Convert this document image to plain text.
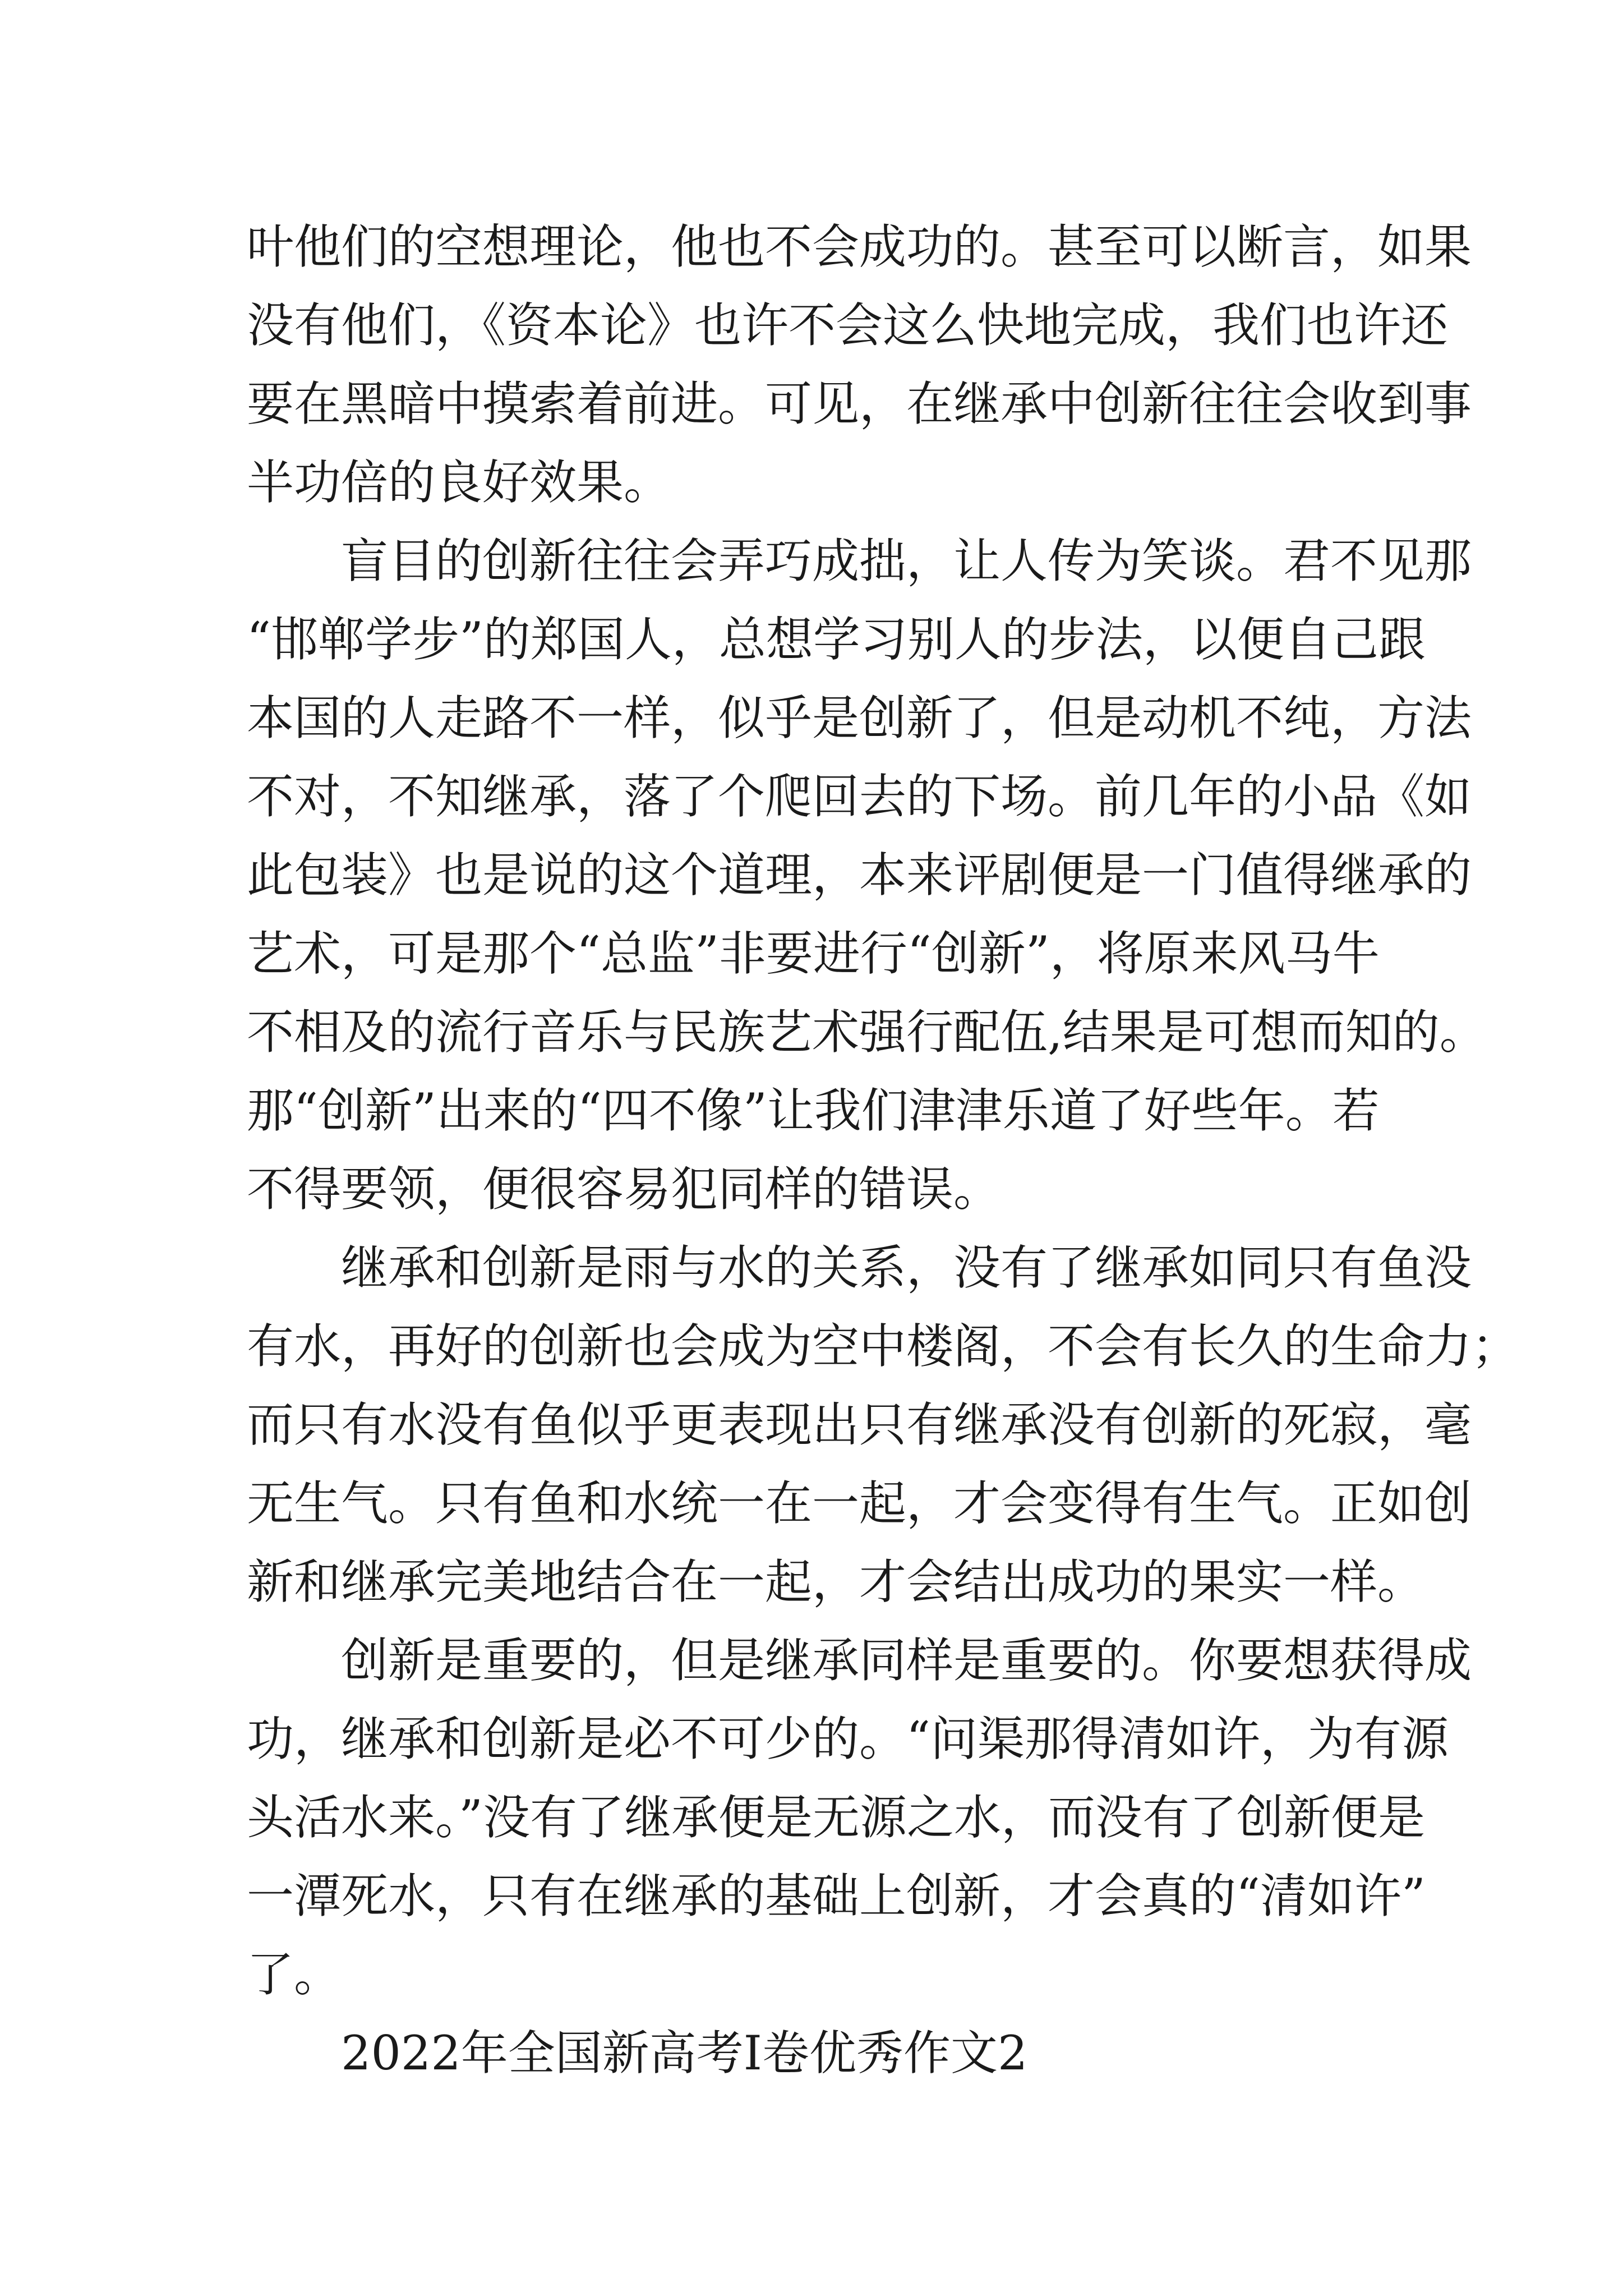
叶他们的空想理论，他也不会成功的。甚至可以断言，如果
没有他们，《资本论》也许不会这么快地完成，我们也许还
要在黑暗中摸索着前进。可见，在继承中创新往往会收到事
半功倍的良好效果。
盲目的创新往往会弄巧成拙，让人传为笑谈。君不见那
“邯郸学步”的郑国人，总想学习别人的步法，以便自己跟
本国的人走路不一样，似乎是创新了，但是动机不纯，方法
不对，不知继承，落了个爬回去的下场。前几年的小品《如
此包装》也是说的这个道理，本来评剧便是一门值得继承的
艺术，可是那个“总监”非要进行“创新”，将原来风马牛
不相及的流行音乐与民族艺术强行配伍,结果是可想而知的。
那“创新”出来的“四不像”让我们津津乐道了好些年。若
不得要领，便很容易犯同样的错误。
继承和创新是雨与水的关系，没有了继承如同只有鱼没
有水，再好的创新也会成为空中楼阁，不会有长久的生命力；
而只有水没有鱼似乎更表现出只有继承没有创新的死寂，毫
无生气。只有鱼和水统一在一起，才会变得有生气。正如创
新和继承完美地结合在一起，才会结出成功的果实一样。
创新是重要的，但是继承同样是重要的。你要想获得成
功，继承和创新是必不可少的。“问渠那得清如许，为有源
头活水来。”没有了继承便是无源之水，而没有了创新便是
一潭死水，只有在继承的基础上创新，才会真的“清如许”
了。
2022年全国新高考I卷优秀作文2
